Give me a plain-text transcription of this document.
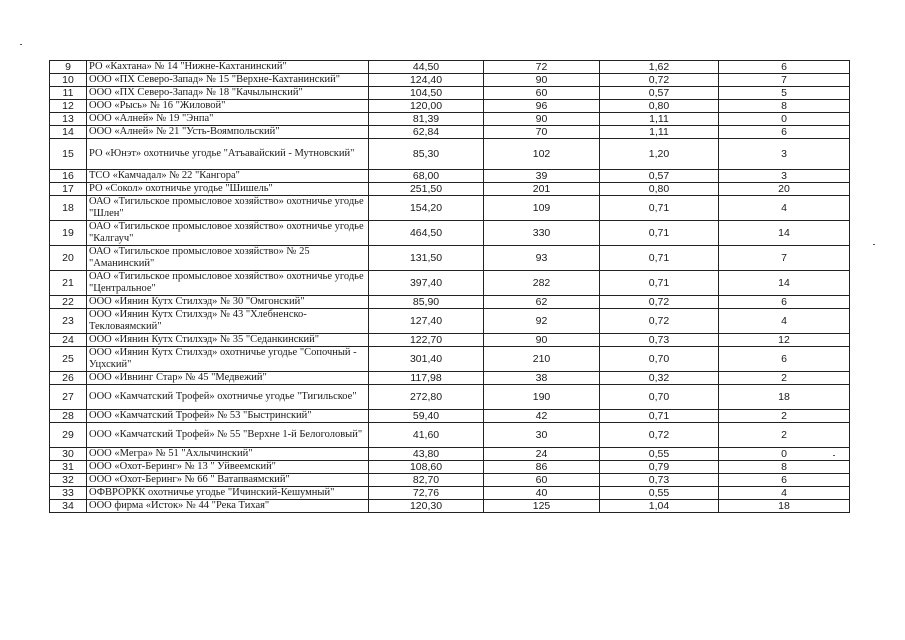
9	РО «Кахтана» № 14 "Нижне-Кахтанинский"	44,50	72	1,62	6
10	ООО «ПХ Северо-Запад» № 15 "Верхне-Кахтанинский"	124,40	90	0,72	7
11	ООО «ПХ Северо-Запад» № 18 "Качылынский"	104,50	60	0,57	5
12	ООО «Рысь» № 16 "Жиловой"	120,00	96	0,80	8
13	ООО «Алней» № 19 "Энпа"	81,39	90	1,11	0
14	ООО «Алней» № 21 "Усть-Воямпольский"	62,84	70	1,11	6
15	РО «Юнэт» охотничье угодье "Атъавайский - Мутновский"	85,30	102	1,20	3
16	ТСО «Камчадал» № 22 "Кангора"	68,00	39	0,57	3
17	РО «Сокол» охотничье угодье "Шишель"	251,50	201	0,80	20
18	ОАО «Тигильское промысловое хозяйство» охотничье угодье "Шлен"	154,20	109	0,71	4
19	ОАО «Тигильское промысловое хозяйство» охотничье угодье "Калгауч"	464,50	330	0,71	14
20	ОАО «Тигильское промысловое хозяйство» № 25 "Аманинский"	131,50	93	0,71	7
21	ОАО «Тигильское промысловое хозяйство» охотничье угодье "Центральное"	397,40	282	0,71	14
22	ООО «Иянин Кутх Стилхэд» № 30 "Омгонский"	85,90	62	0,72	6
23	ООО «Иянин Кутх Стилхэд» № 43 "Хлебненско-Текловаямский"	127,40	92	0,72	4
24	ООО «Иянин Кутх Стилхэд» № 35 "Седанкинский"	122,70	90	0,73	12
25	ООО «Иянин Кутх Стилхэд» охотничье угодье "Сопочный - Уцхский"	301,40	210	0,70	6
26	ООО «Ивнинг Стар» № 45 "Медвежий"	117,98	38	0,32	2
27	ООО «Камчатский Трофей» охотничье угодье "Тигильское"	272,80	190	0,70	18
28	ООО «Камчатский Трофей» № 53 "Быстринский"	59,40	42	0,71	2
29	ООО «Камчатский Трофей» № 55 "Верхне 1-й Белоголовый"	41,60	30	0,72	2
30	ООО «Мегра» № 51 "Ахлычинский"	43,80	24	0,55	0
31	ООО «Охот-Беринг» № 13 " Уйвеемский"	108,60	86	0,79	8
32	ООО «Охот-Беринг» № 66 " Ватапваямский"	82,70	60	0,73	6
33	ОФВРОРКК охотничье угодье "Ичинский-Кешумный"	72,76	40	0,55	4
34	ООО фирма «Исток» № 44 "Река Тихая"	120,30	125	1,04	18
